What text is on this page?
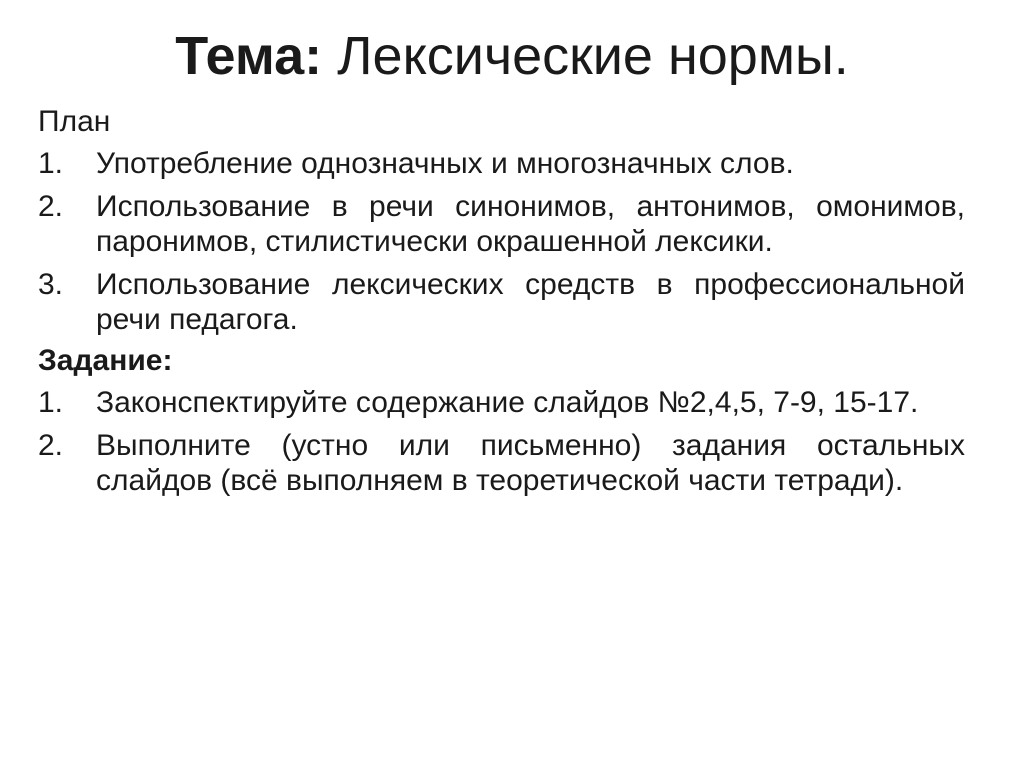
Тема: Лексические нормы.

План

1.	Употребление однозначных и многозначных слов.
2.	Использование в речи синонимов, антонимов, омонимов, паронимов, стилистически окрашенной лексики.
3.	Использование лексических средств в профессиональной речи педагога.

Задание:

1.	Законспектируйте содержание слайдов №2,4,5, 7-9, 15-17.
2.	Выполните (устно или письменно) задания остальных слайдов (всё выполняем в теоретической части тетради).
